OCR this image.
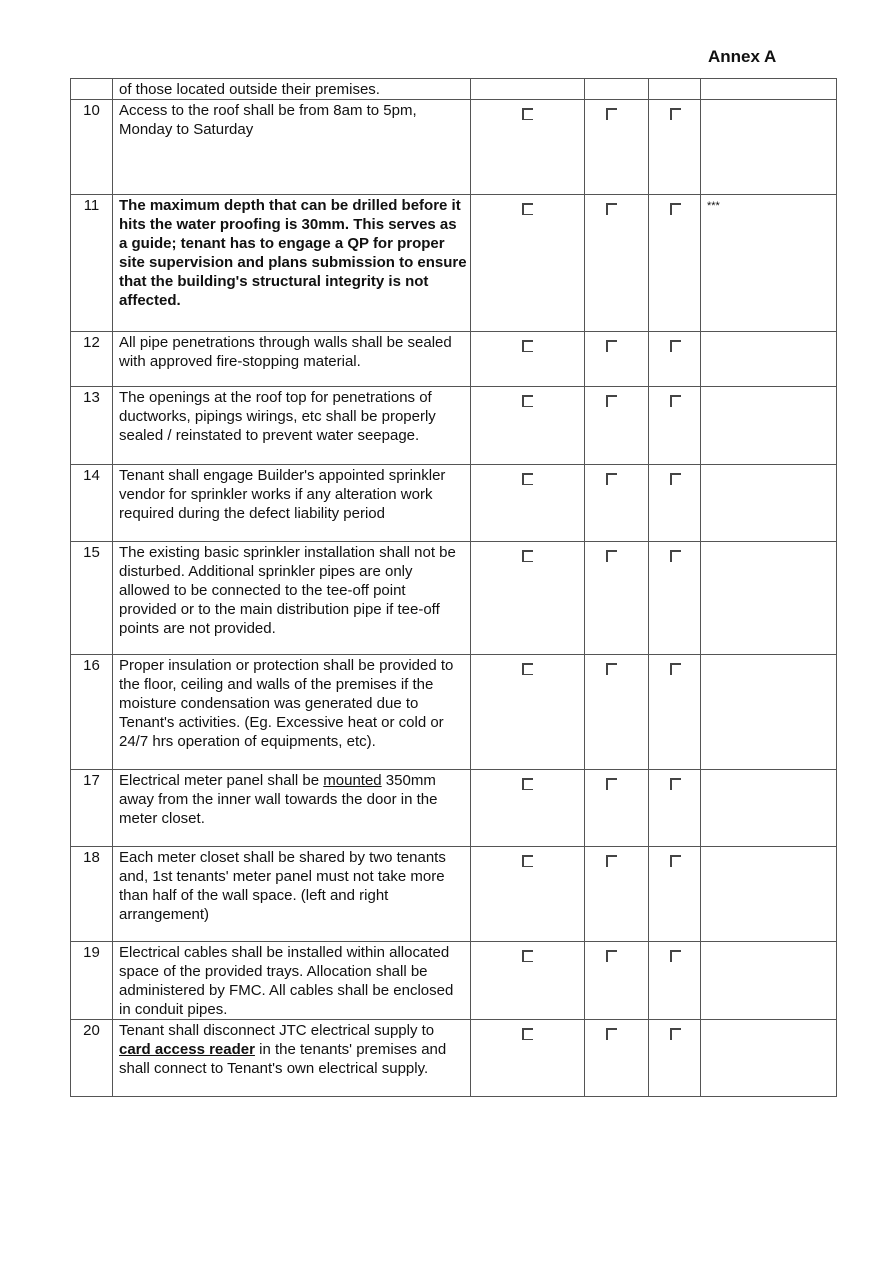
Annex A
	of those located outside their premises.				
10	Access to the roof shall be from 8am to 5pm, Monday to Saturday	

11	The maximum depth that can be drilled before it hits the water proofing is 30mm. This serves as a guide; tenant has to engage a QP for proper site supervision and plans submission to ensure that the building's structural integrity is not affected.				***
12	All pipe penetrations through walls shall be sealed with approved fire-stopping material.	

13	The openings at the roof top for penetrations of ductworks, pipings wirings, etc shall be properly sealed / reinstated to prevent water seepage.	

14	Tenant shall engage Builder's appointed sprinkler vendor for sprinkler works if any alteration work required during the defect liability period	

15	The existing basic sprinkler installation shall not be disturbed. Additional sprinkler pipes are only allowed to be connected to the tee-off point provided or to the main distribution pipe if tee-off points are not provided.	

16	Proper insulation or protection shall be provided to the floor, ceiling and walls of the premises if the moisture condensation was generated due to Tenant's activities. (Eg. Excessive heat or cold or 24/7 hrs operation of equipments, etc).	

17	Electrical meter panel shall be mounted 350mm away from the inner wall towards the door in the meter closet.	

18	Each meter closet shall be shared by two tenants and, 1st tenants' meter panel must not take more than half of the wall space. (left and right arrangement)	

19	Electrical cables shall be installed within allocated space of the provided trays. Allocation shall be administered by FMC. All cables shall be enclosed in conduit pipes.	

20	Tenant shall disconnect JTC electrical supply to card access reader in the tenants' premises and shall connect to Tenant's own electrical supply.	
